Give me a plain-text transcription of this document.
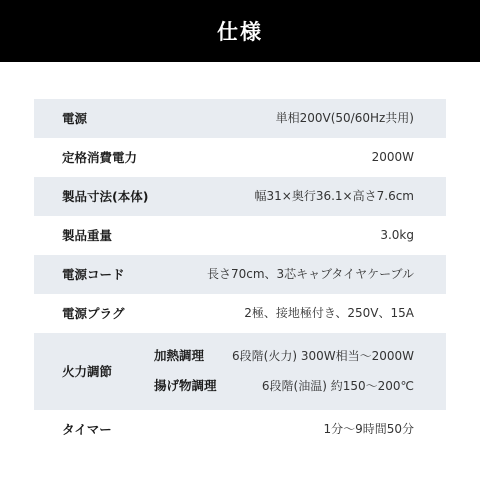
仕様
電源	単相200V(50/60Hz共用)
定格消費電力	2000W
製品寸法(本体)	幅31×奥行36.1×高さ7.6cm
製品重量	3.0kg
電源コード	長さ70cm、3芯キャブタイヤケーブル
電源プラグ	2極、接地極付き、250V、15A
火力調節
加熱調理 6段階(火力) 300W相当～2000W
揚げ物調理	6段階(油温) 約150～200℃
タイマー	1分～9時間50分
